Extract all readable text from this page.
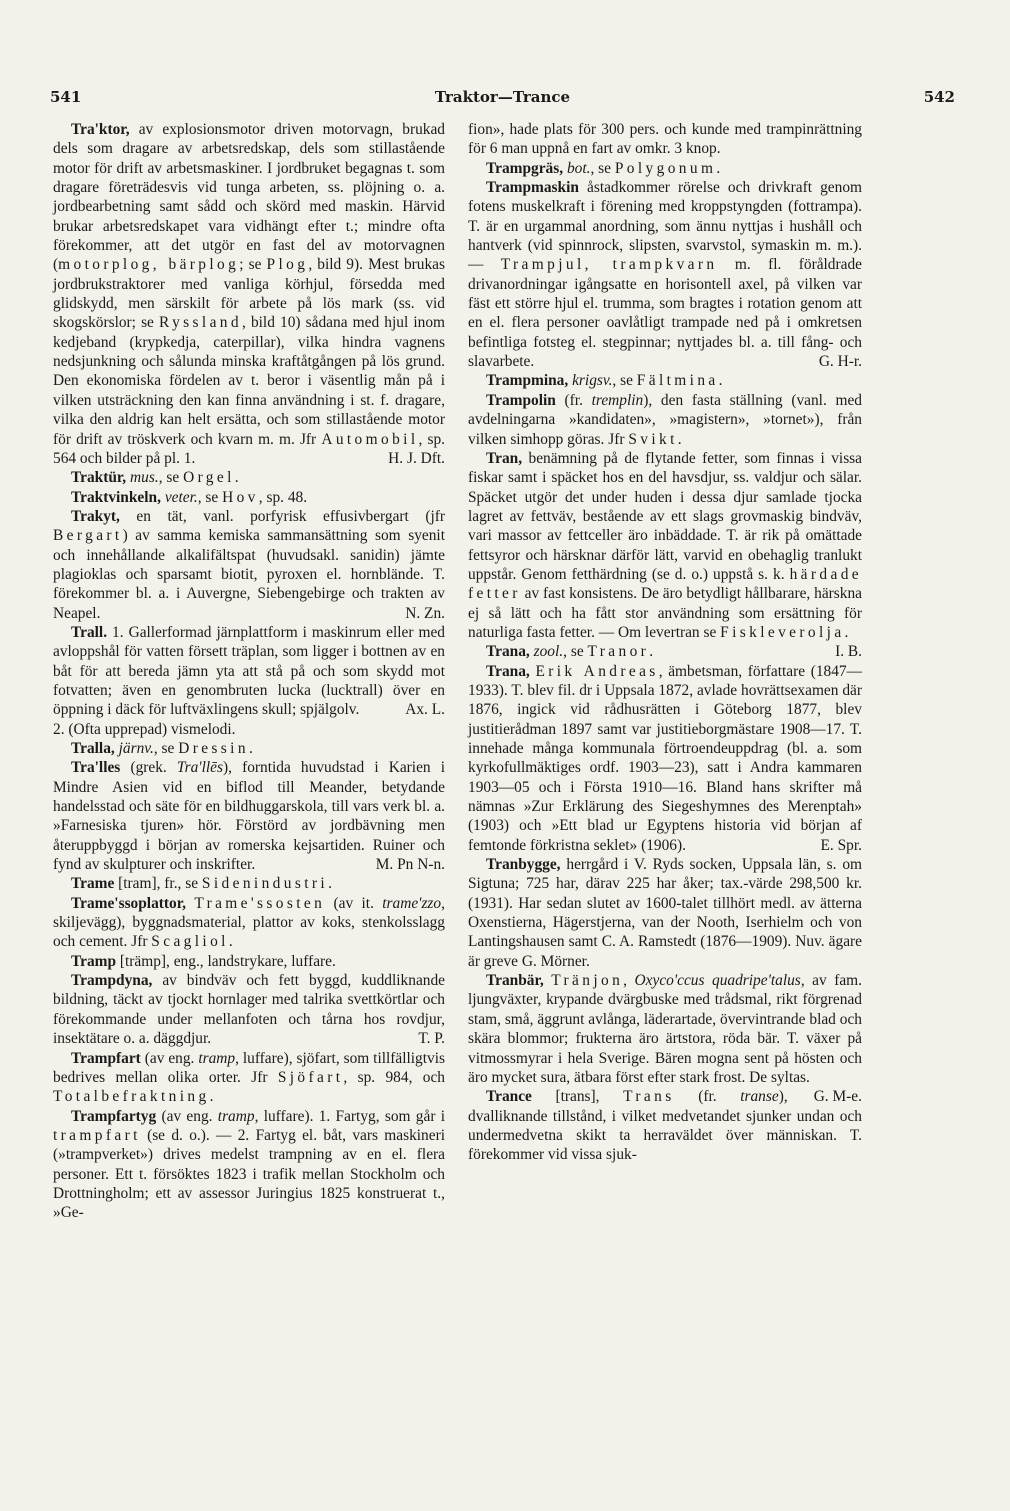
541	Traktor—Trance	542

Tra'ktor, av explosionsmotor driven motorvagn, brukad dels som dragare av arbetsredskap, dels som stillastående motor för drift av arbetsmaskiner. I jordbruket begagnas t. som dragare företrädesvis vid tunga arbeten, ss. plöjning o. a. jordbearbetning samt sådd och skörd med maskin. Härvid brukar arbetsredskapet vara vidhängt efter t.; mindre ofta förekommer, att det utgör en fast del av motorvagnen (motorplog, bärplog; se Plog, bild 9). Mest brukas jordbrukstraktorer med vanliga körhjul, försedda med glidskydd, men särskilt för arbete på lös mark (ss. vid skogskörslor; se Ryssland, bild 10) sådana med hjul inom kedjeband (krypkedja, caterpillar), vilka hindra vagnens nedsjunkning och sålunda minska kraftåtgången på lös grund. Den ekonomiska fördelen av t. beror i väsentlig mån på i vilken utsträckning den kan finna användning i st. f. dragare, vilka den aldrig kan helt ersätta, och som stillastående motor för drift av tröskverk och kvarn m. m. Jfr Automobil, sp. 564 och bilder på pl. 1.	H. J. Dft.

Traktür, mus., se Orgel.

Traktvinkeln, veter., se Hov, sp. 48.

Trakyt, en tät, vanl. porfyrisk effusivbergart (jfr Bergart) av samma kemiska sammansättning som syenit och innehållande alkalifältspat (huvudsakl. sanidin) jämte plagioklas och sparsamt biotit, pyroxen el. hornblände. T. förekommer bl. a. i Auvergne, Siebengebirge och trakten av Neapel.	N. Zn.

Trall. 1. Gallerformad järnplattform i maskinrum eller med avloppshål för vatten försett träplan, som ligger i bottnen av en båt för att bereda jämn yta att stå på och som skydd mot fotvatten; även en genombruten lucka (lucktrall) över en öppning i däck för luftväxlingens skull; spjälgolv.	Ax. L.

2. (Ofta upprepad) vismelodi.

Tralla, järnv., se Dressin.

Tra'lles (grek. Tra'llēs), forntida huvudstad i Karien i Mindre Asien vid en biflod till Meander, betydande handelsstad och säte för en bildhuggarskola, till vars verk bl. a. »Farnesiska tjuren» hör. Förstörd av jordbävning men återuppbyggd i början av romerska kejsartiden. Ruiner och fynd av skulpturer och inskrifter.	M. Pn N-n.

Trame [tram], fr., se Sidenindustri.

Trame'ssoplattor, Trame'ssosten (av it. trame'zzo, skiljevägg), byggnadsmaterial, plattor av koks, stenkolsslagg och cement. Jfr Scagliol.

Tramp [trämp], eng., landstrykare, luffare.

Trampdyna, av bindväv och fett byggd, kuddliknande bildning, täckt av tjockt hornlager med talrika svettkörtlar och förekommande under mellanfoten och tårna hos rovdjur, insektätare o. a. däggdjur.	T. P.

Trampfart (av eng. tramp, luffare), sjöfart, som tillfälligtvis bedrives mellan olika orter. Jfr Sjöfart, sp. 984, och Totalbefraktning.

Trampfartyg (av eng. tramp, luffare). 1. Fartyg, som går i trampfart (se d. o.). — 2. Fartyg el. båt, vars maskineri (»trampverket») drives medelst trampning av en el. flera personer. Ett t. försöktes 1823 i trafik mellan Stockholm och Drottningholm; ett av assessor Juringius 1825 konstruerat t., »Ge-

fion», hade plats för 300 pers. och kunde med trampinrättning för 6 man uppnå en fart av omkr. 3 knop.

Trampgräs, bot., se Polygonum.

Trampmaskin åstadkommer rörelse och drivkraft genom fotens muskelkraft i förening med kroppstyngden (fottrampa). T. är en urgammal anordning, som ännu nyttjas i hushåll och hantverk (vid spinnrock, slipsten, svarvstol, symaskin m. m.). — Trampjul, trampkvarn m. fl. föråldrade drivanordningar igångsatte en horisontell axel, på vilken var fäst ett större hjul el. trumma, som bragtes i rotation genom att en el. flera personer oavlåtligt trampade ned på i omkretsen befintliga fotsteg el. stegpinnar; nyttjades bl. a. till fång- och slavarbete.	G. H-r.

Trampmina, krigsv., se Fältmina.

Trampolin (fr. tremplin), den fasta ställning (vanl. med avdelningarna »kandidaten», »magistern», »tornet»), från vilken simhopp göras. Jfr Svikt.

Tran, benämning på de flytande fetter, som finnas i vissa fiskar samt i späcket hos en del havsdjur, ss. valdjur och sälar. Späcket utgör det under huden i dessa djur samlade tjocka lagret av fettväv, bestående av ett slags grovmaskig bindväv, vari massor av fettceller äro inbäddade. T. är rik på omättade fettsyror och härsknar därför lätt, varvid en obehaglig tranlukt uppstår. Genom fetthärdning (se d. o.) uppstå s. k. härdade fetter av fast konsistens. De äro betydligt hållbarare, härskna ej så lätt och ha fått stor användning som ersättning för naturliga fasta fetter. — Om levertran se Fiskleverolja.
I. B.

Trana, zool., se Tranor.

Trana, Erik Andreas, ämbetsman, författare (1847—1933). T. blev fil. dr i Uppsala 1872, avlade hovrättsexamen där 1876, ingick vid rådhusrätten i Göteborg 1877, blev justitierådman 1897 samt var justitieborgmästare 1908—17. T. innehade många kommunala förtroendeuppdrag (bl. a. som kyrkofullmäktiges ordf. 1903—23), satt i Andra kammaren 1903—05 och i Första 1910—16. Bland hans skrifter må nämnas »Zur Erklärung des Siegeshymnes des Merenptah» (1903) och »Ett blad ur Egyptens historia vid början af femtonde förkristna seklet» (1906).	E. Spr.

Tranbygge, herrgård i V. Ryds socken, Uppsala län, s. om Sigtuna; 725 har, därav 225 har åker; tax.-värde 298,500 kr. (1931). Har sedan slutet av 1600-talet tillhört medl. av ätterna Oxenstierna, Hägerstjerna, van der Nooth, Iserhielm och von Lantingshausen samt C. A. Ramstedt (1876—1909). Nuv. ägare är greve G. Mörner.

Tranbär, Tränjon, Oxyco'ccus quadripe'talus, av fam. ljungväxter, krypande dvärgbuske med trådsmal, rikt förgrenad stam, små, äggrunt avlånga, läderartade, övervintrande blad och skära blommor; frukterna äro ärtstora, röda bär. T. växer på vitmossmyrar i hela Sverige. Bären mogna sent på hösten och äro mycket sura, ätbara först efter stark frost. De syltas.
G. M-e.

Trance [trans], Trans (fr. transe), dvalliknande tillstånd, i vilket medvetandet sjunker undan och undermedvetna skikt ta herraväldet över människan. T. förekommer vid vissa sjuk-
